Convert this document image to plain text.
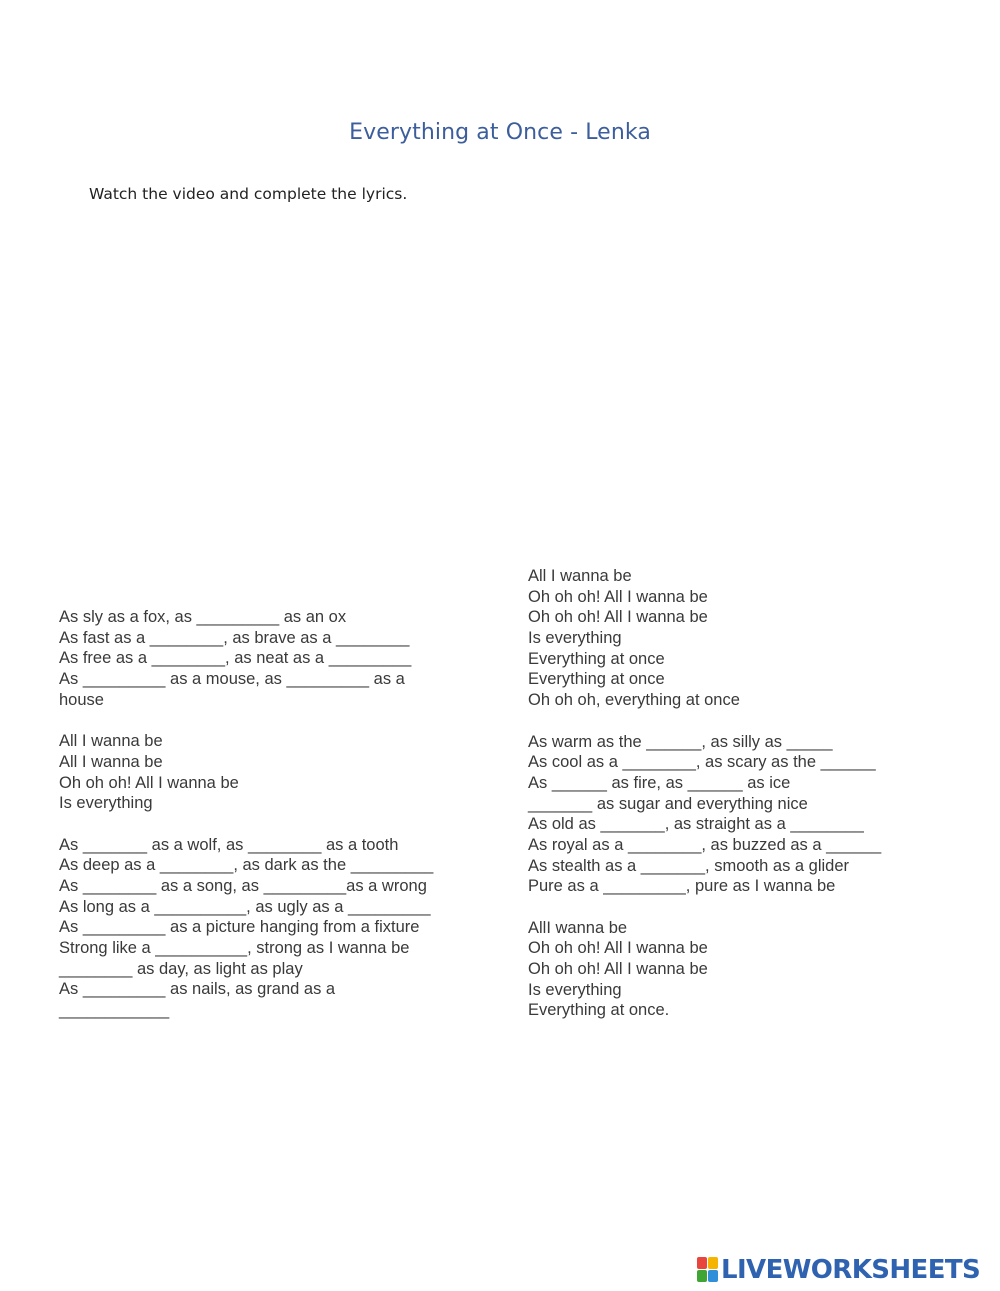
Everything at Once - Lenka
Watch the video and complete the lyrics.
As sly as a fox, as _________ as an ox
As fast as a ________, as brave as a ________
As free as a ________, as neat as a _________
As _________ as a mouse, as _________ as a
house
All I wanna be
All I wanna be
Oh oh oh! All I wanna be
Is everything
As _______ as a wolf, as ________ as a tooth
As deep as a ________, as dark as the _________
As ________ as a song, as _________as a wrong
As long as a __________, as ugly as a _________
As _________ as a picture hanging from a fixture
Strong like a __________, strong as I wanna be
________ as day, as light as play
As _________ as nails, as grand as a
____________
All I wanna be
Oh oh oh! All I wanna be
Oh oh oh! All I wanna be
Is everything
Everything at once
Everything at once
Oh oh oh, everything at once
As warm as the ______, as silly as _____
As cool as a ________, as scary as the ______
As ______ as fire, as ______ as ice
_______ as sugar and everything nice
As old as _______, as straight as a ________
As royal as a ________, as buzzed as a ______
As stealth as a _______, smooth as a glider
Pure as a _________, pure as I wanna be
AllI wanna be
Oh oh oh! All I wanna be
Oh oh oh! All I wanna be
Is everything
Everything at once.
LIVEWORKSHEETS
